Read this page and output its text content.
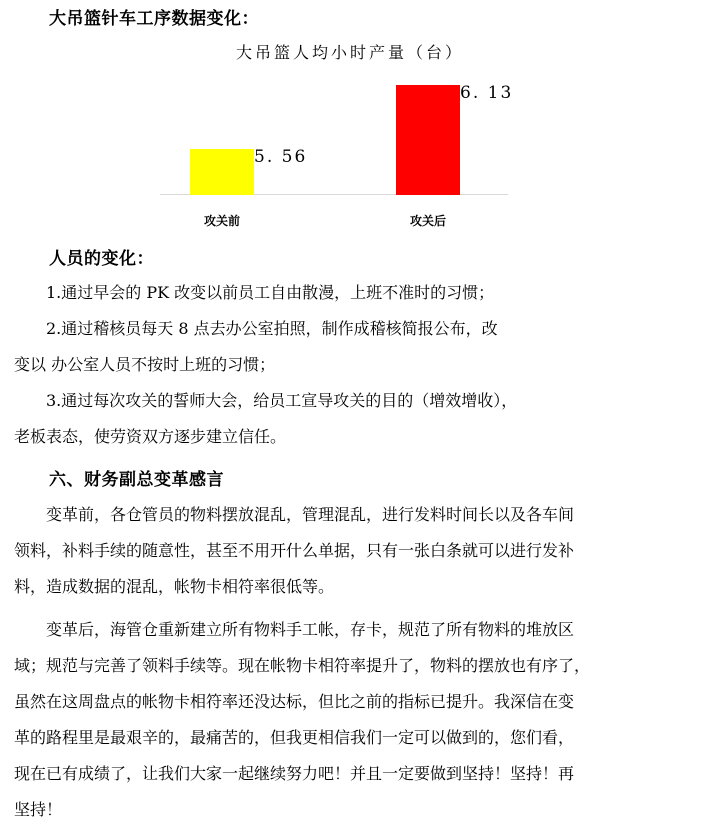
大吊篮针车工序数据变化：
大吊篮人均小时产量（台）
5. 56
6. 13
攻关前	攻关后
人员的变化：
1.通过早会的 PK 改变以前员工自由散漫，上班不准时的习惯；
2.通过稽核员每天 8 点去办公室拍照，制作成稽核简报公布，改
变以 办公室人员不按时上班的习惯；
3.通过每次攻关的誓师大会，给员工宣导攻关的目的（增效增收），
老板表态，使劳资双方逐步建立信任。
六、财务副总变革感言
变革前，各仓管员的物料摆放混乱，管理混乱，进行发料时间长以及各车间
领料，补料手续的随意性，甚至不用开什么单据，只有一张白条就可以进行发补
料，造成数据的混乱，帐物卡相符率很低等。
变革后，海管仓重新建立所有物料手工帐，存卡，规范了所有物料的堆放区
域；规范与完善了领料手续等。现在帐物卡相符率提升了，物料的摆放也有序了，
虽然在这周盘点的帐物卡相符率还没达标，但比之前的指标已提升。我深信在变
革的路程里是最艰辛的，最痛苦的，但我更相信我们一定可以做到的，您们看，
现在已有成绩了，让我们大家一起继续努力吧！并且一定要做到坚持！坚持！再
坚持！
